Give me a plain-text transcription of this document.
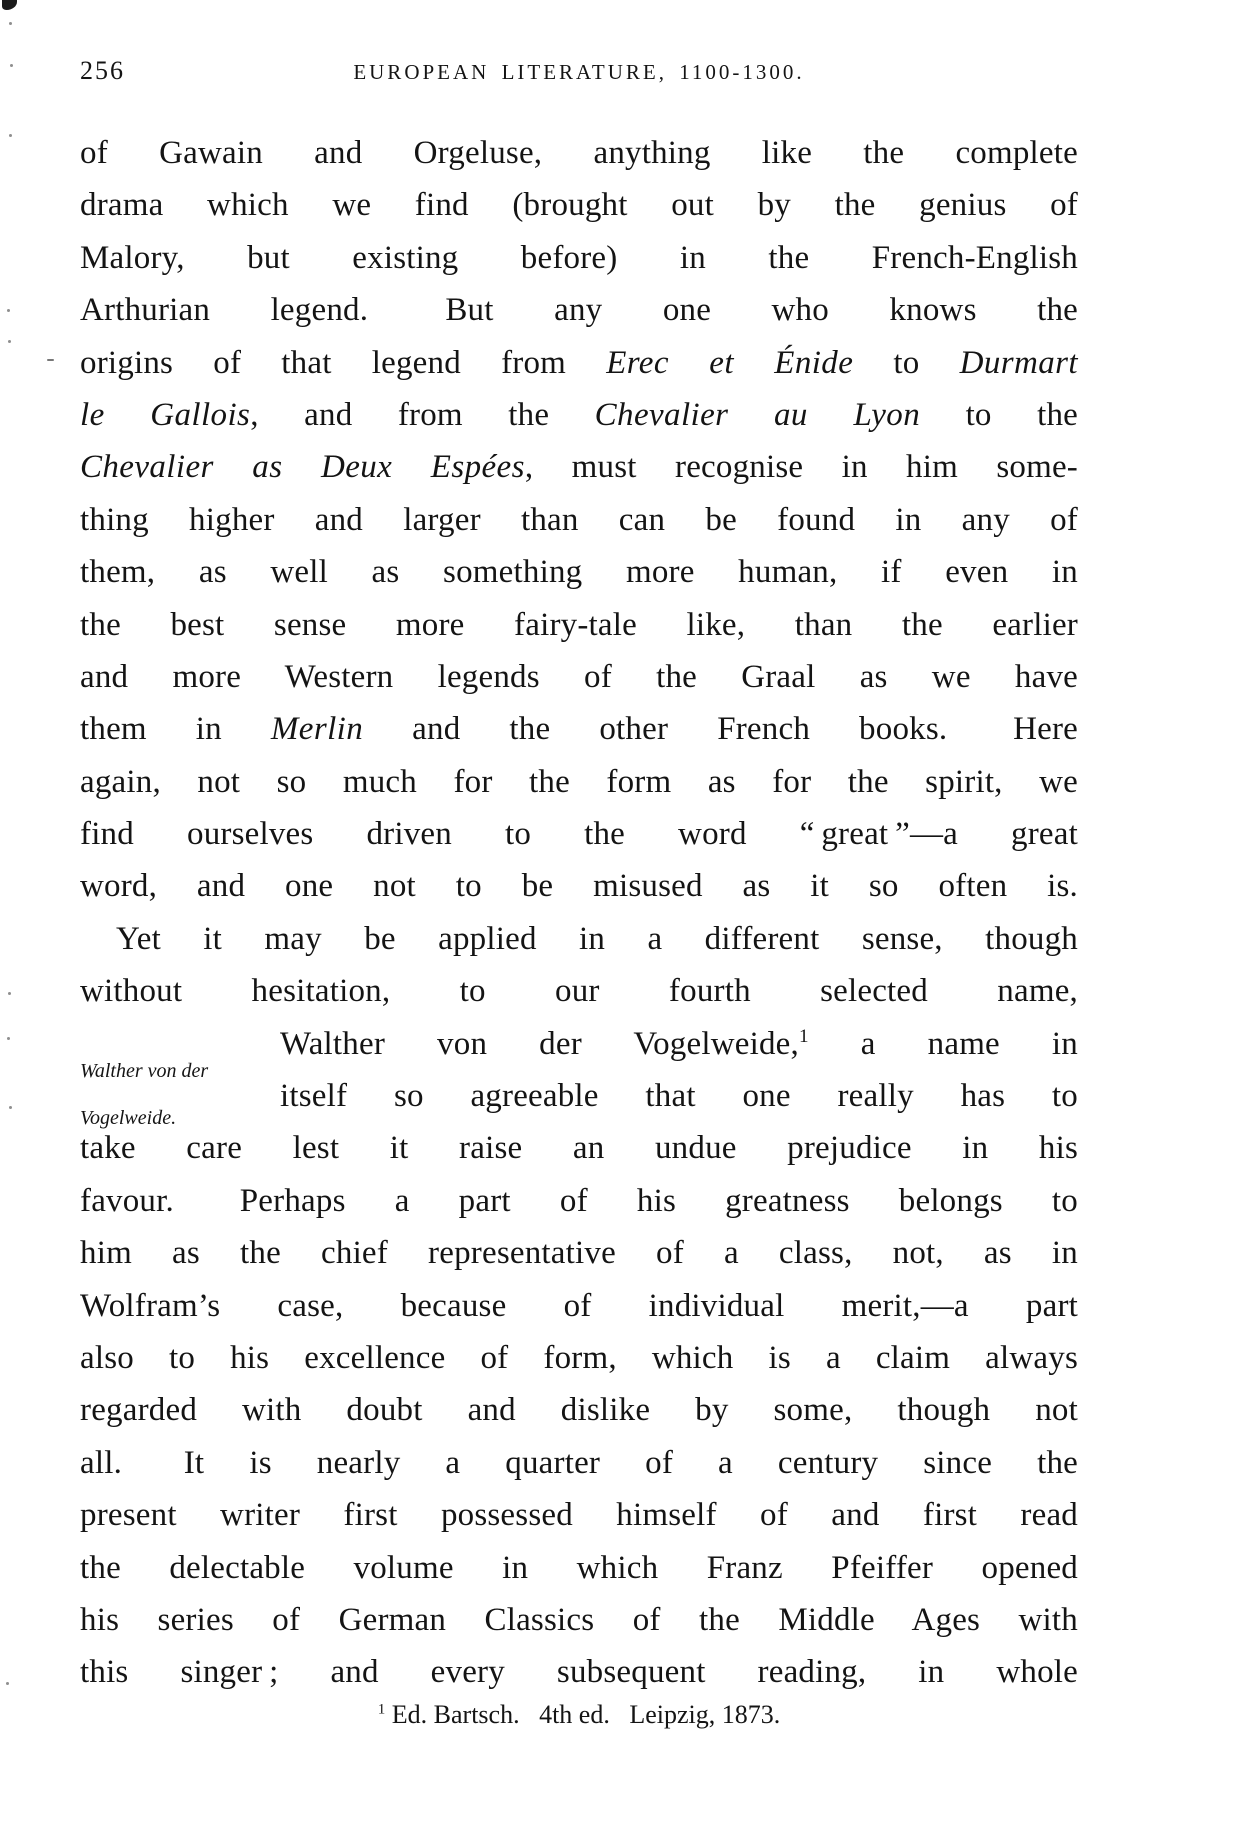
256	EUROPEAN LITERATURE, 1100-1300.
of Gawain and Orgeluse, anything like the complete
drama which we find (brought out by the genius of
Malory, but existing before) in the French-English
Arthurian legend.  But any one who knows the
origins of that legend from Erec et Énide to Durmart
le Gallois, and from the Chevalier au Lyon to the
Chevalier as Deux Espées, must recognise in him some-
thing higher and larger than can be found in any of
them, as well as something more human, if even in
the best sense more fairy-tale like, than the earlier
and more Western legends of the Graal as we have
them in Merlin and the other French books.  Here
again, not so much for the form as for the spirit, we
find ourselves driven to the word “ great ”—a great
word, and one not to be misused as it so often is.
Yet it may be applied in a different sense, though
without hesitation, to our fourth selected name,
Walther von der Vogelweide,$^1$ a name in
itself so agreeable that one really has to
take care lest it raise an undue prejudice in his
favour.  Perhaps a part of his greatness belongs to
him as the chief representative of a class, not, as in
Wolfram’s case, because of individual merit,—a part
also to his excellence of form, which is a claim always
regarded with doubt and dislike by some, though not
all.  It is nearly a quarter of a century since the
present writer first possessed himself of and first read
the delectable volume in which Franz Pfeiffer opened
his series of German Classics of the Middle Ages with
this singer ; and every subsequent reading, in whole
Walther von der
Vogelweide.
$^1$ Ed. Bartsch.  4th ed.  Leipzig, 1873.
